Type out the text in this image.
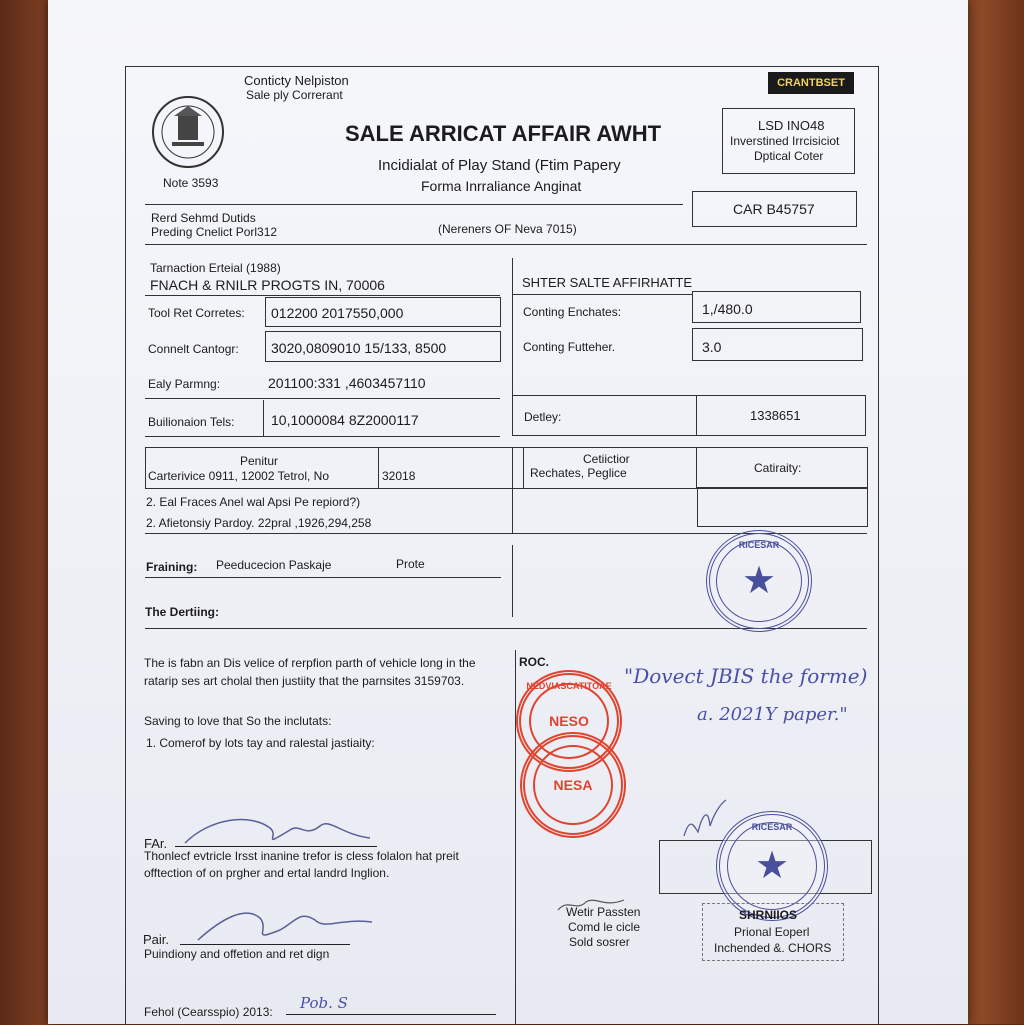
Conticty Nelpiston
Sale ply Correrant
Note 3593
SALE ARRICAT AFFAIR AWHT
Incidialat of Play Stand (Ftim Papery
Forma Inrraliance Anginat
CRANTBSET
LSD INO48
Inverstined Irrcisiciot
Dptical Coter
CAR B45757
Rerd Sehmd Dutids
Preding Cnelict Porl312	(Nereners OF Neva 7015)
Tarnaction Erteial (1988)
FNACH & RNILR PROGTS IN, 70006
Tool Ret Corretes: 012200 2017550,000
Connelt Cantogr: 3020,0809010 15/133, 8500
Ealy Parmng:	201100:331 ,4603457110
Builionaion Tels:	10,1000084 8Z2000117
SHTER SALTE AFFIRHATTE
Conting Enchates:	1,/480.0
Conting Futteher.	3.0
Detley:	1338651
Penitur
Carterivice 0911, 12002 Tetrol, No	32018
Cetiictior
Rechates, Peglice	Catiraity:
2. Eal Fraces Anel wal Apsi Pe repiord?)
2. Afietonsiy Pardoy. 22pral ,1926,294,258
Fraining: Peeducecion Paskaje	Prote
The Dertiing:
RICESAR
★
The is fabn an Dis velice of rerpfion parth of vehicle long in the
ratarip ses art cholal then justiity that the parnsites 3159703.
Saving to love that So the inclutats:
1. Comerof by lots tay and ralestal jastiaity:
FAr.
Thonlecf evtricle Irsst inanine trefor is cless folalon hat preit
offtection of on prgher and ertal landrd Inglion.
Pair.
Puindiony and offetion and ret dign
Fehol (Cearsspio) 2013: Pob. S
ROC.
"Dovect JBIS the forme)
a. 2021Y paper."
NEDVIASCATITOAE
NESO
NESA
RICESAR
★
Wetir Passten
Comd le cicle
Sold sosrer
SHRNIIOS
Prional Eoperl
Inchended &. CHORS
